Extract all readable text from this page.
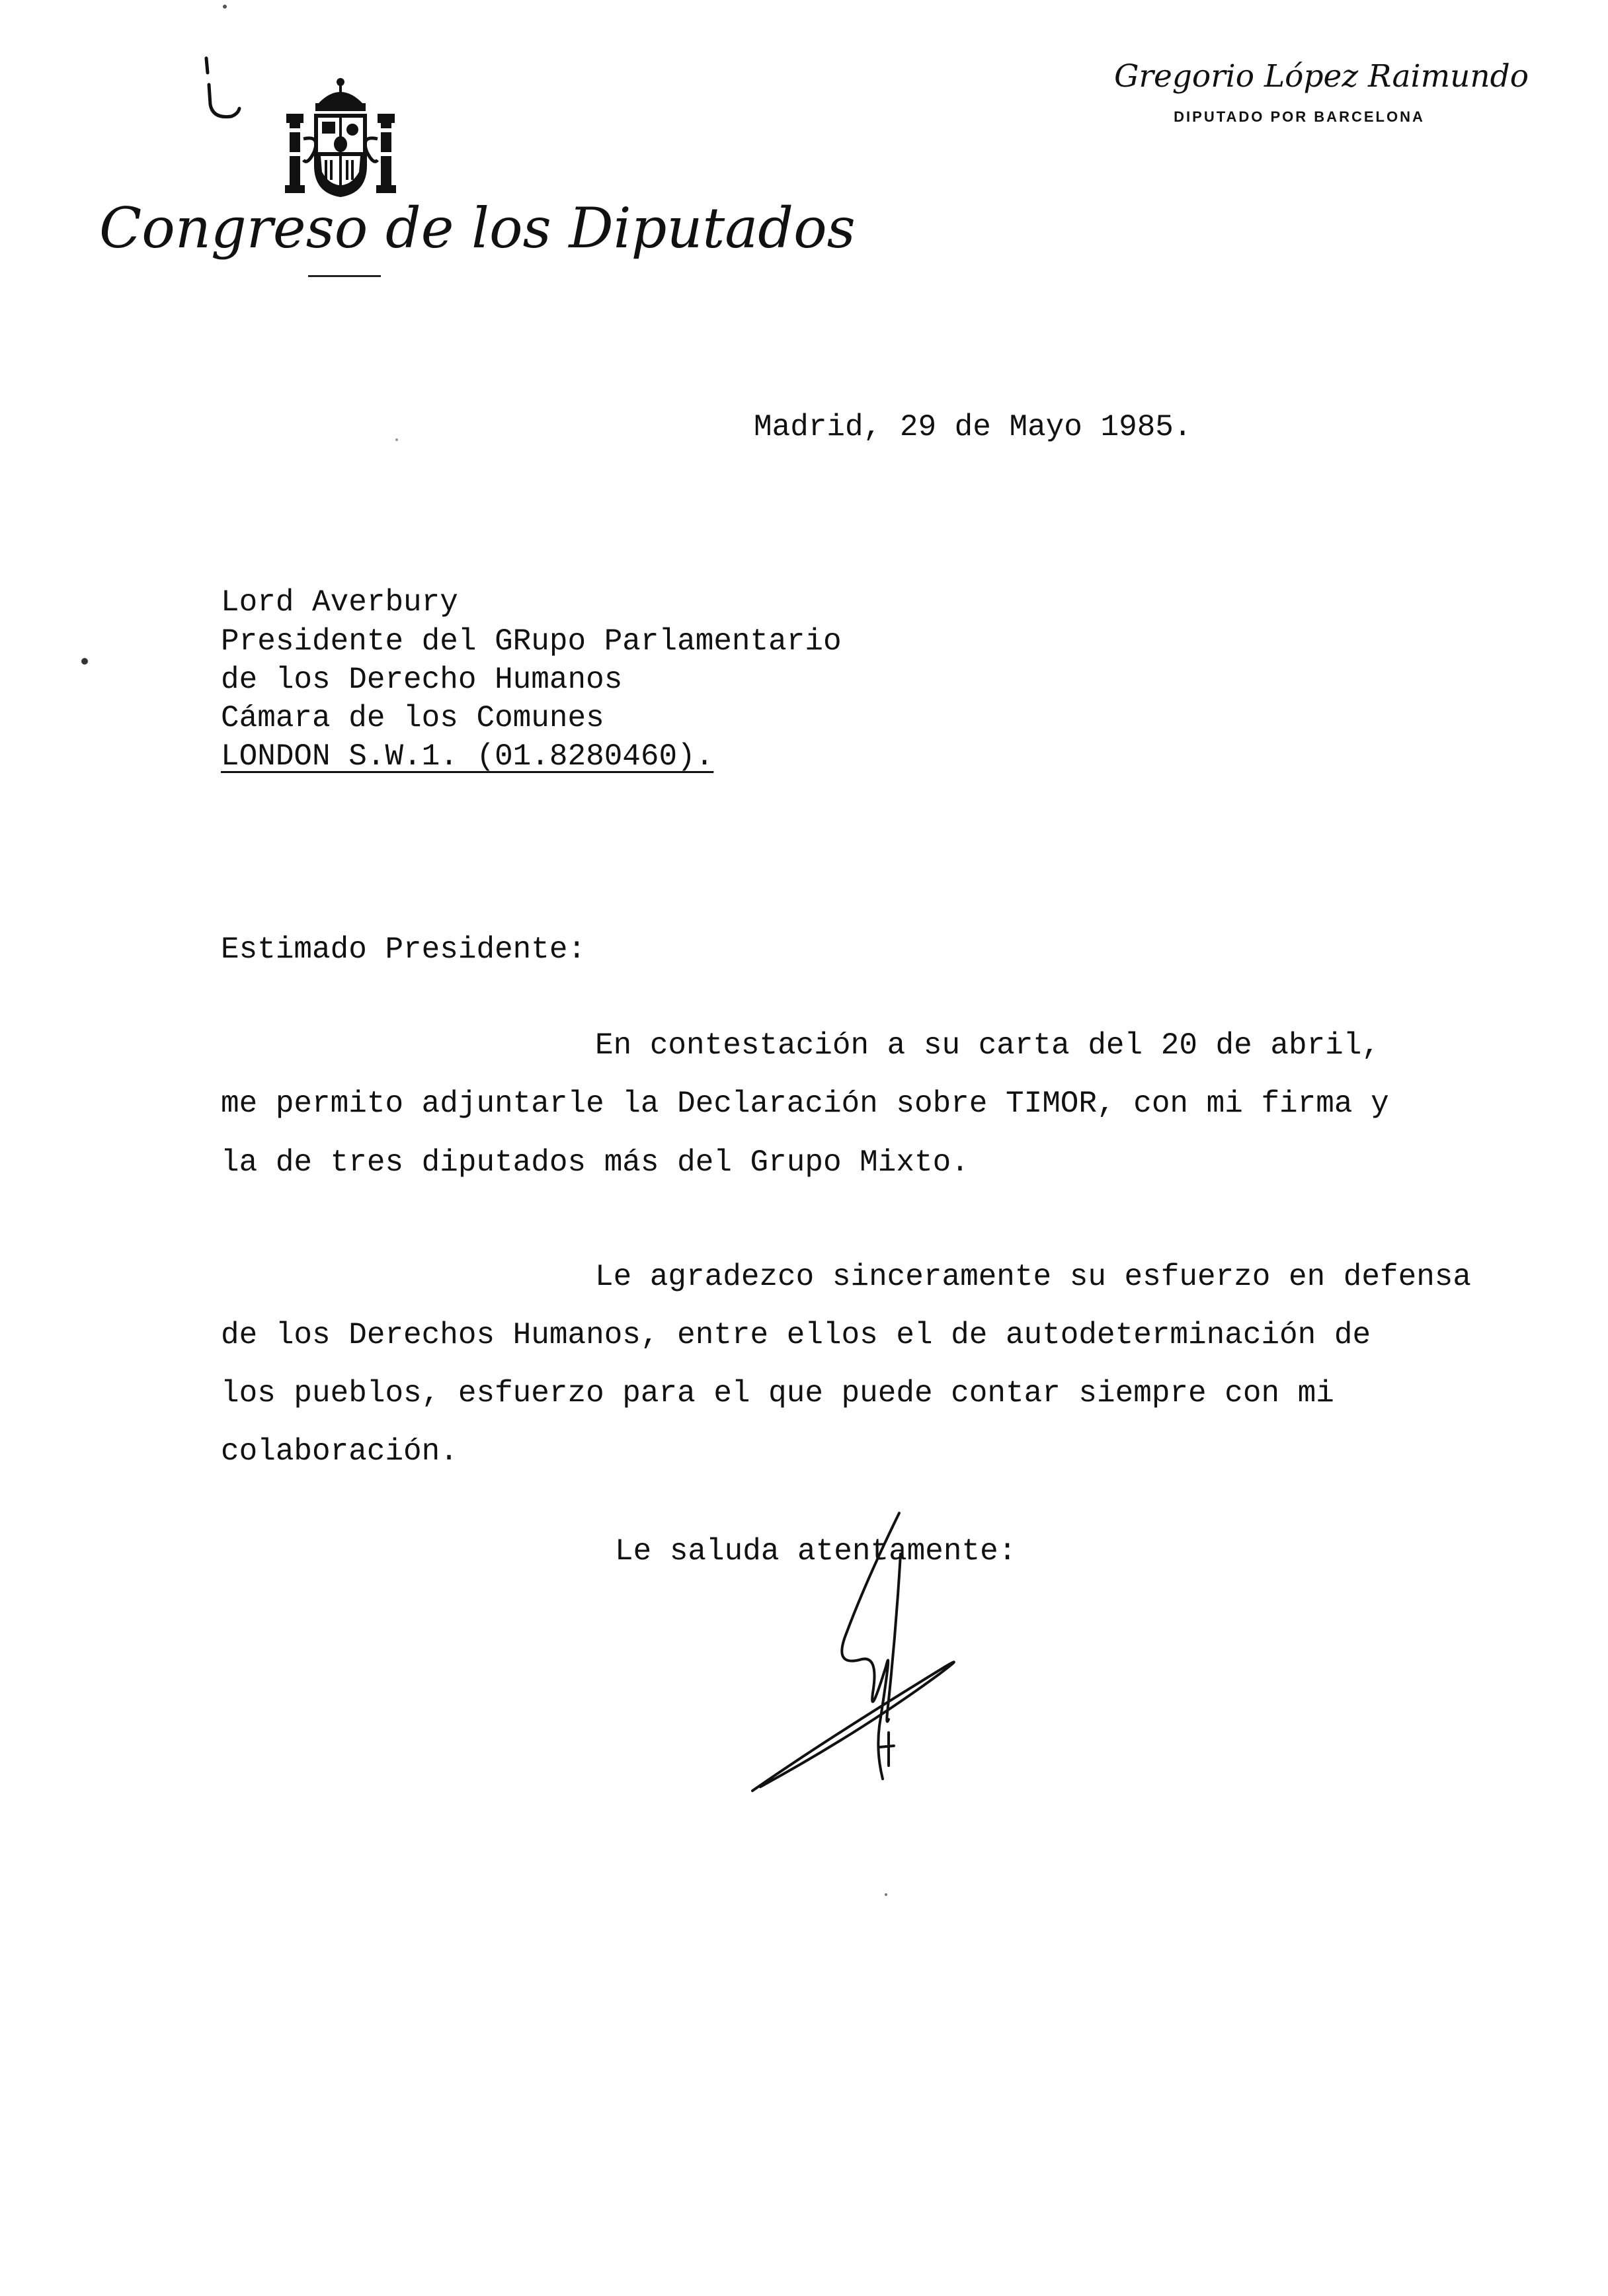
Congreso de los Diputados
Gregorio López Raimundo
DIPUTADO POR BARCELONA
Madrid, 29 de Mayo 1985.
Lord Averbury
Presidente del GRupo Parlamentario
de los Derecho Humanos
Cámara de los Comunes
LONDON S.W.1. (01.8280460).
Estimado Presidente:
En contestación a su carta del 20 de abril,
me permito adjuntarle la Declaración sobre TIMOR, con mi firma y
la de tres diputados más del Grupo Mixto.
Le agradezco sinceramente su esfuerzo en defensa
de los Derechos Humanos, entre ellos el de autodeterminación de
los pueblos, esfuerzo para el que puede contar siempre con mi
colaboración.
Le saluda atentamente:
